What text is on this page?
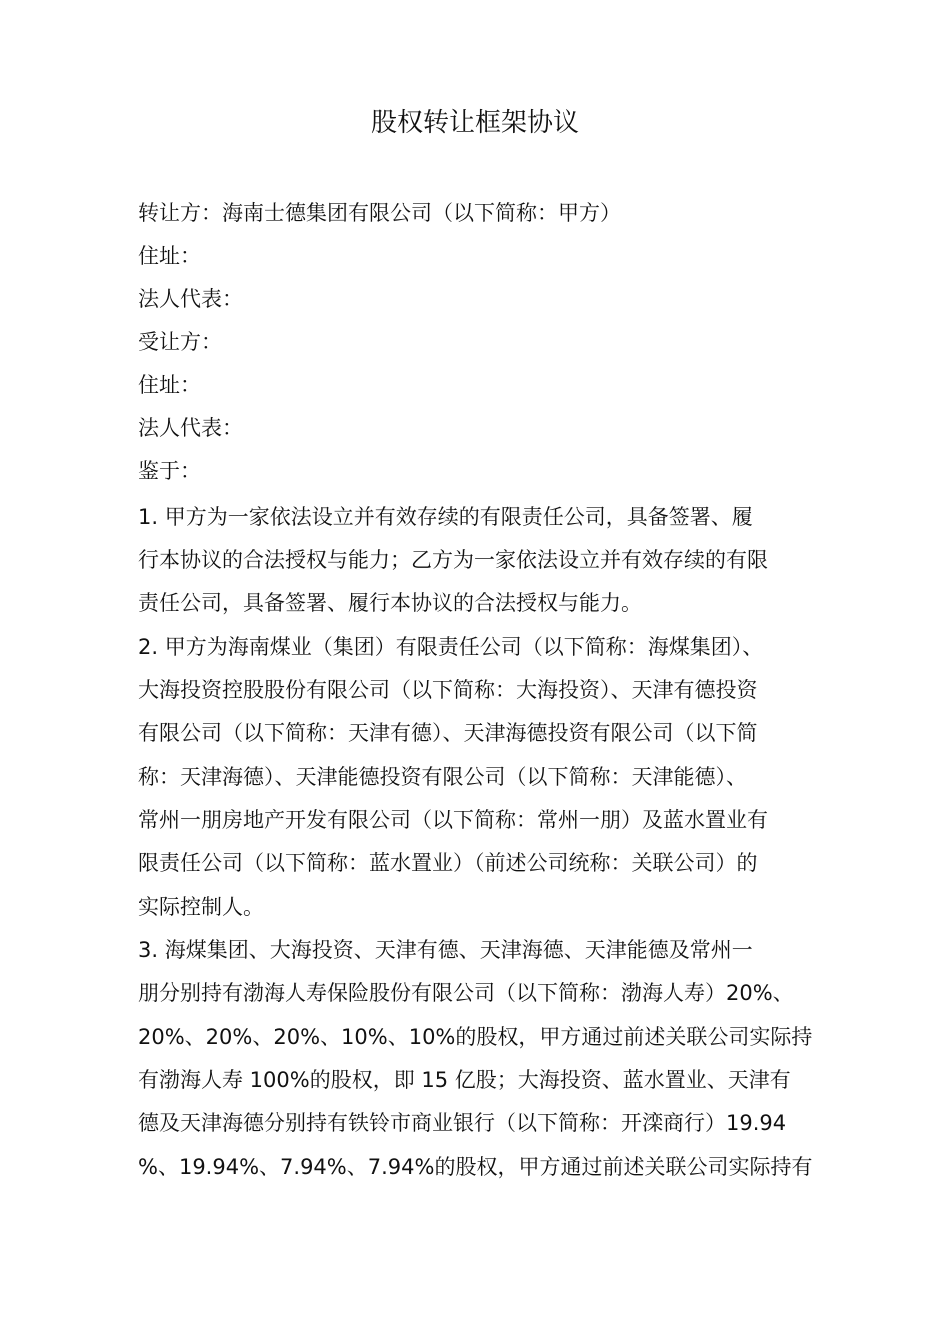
股权转让框架协议

转让方：海南士德集团有限公司（以下简称：甲方）

住址：

法人代表：

受让方：

住址：

法人代表：

鉴于：

1. 甲方为一家依法设立并有效存续的有限责任公司，具备签署、履

行本协议的合法授权与能力；乙方为一家依法设立并有效存续的有限

责任公司，具备签署、履行本协议的合法授权与能力。

2. 甲方为海南煤业（集团）有限责任公司（以下简称：海煤集团）、

大海投资控股股份有限公司（以下简称：大海投资）、天津有德投资

有限公司（以下简称：天津有德）、天津海德投资有限公司（以下简

称：天津海德）、天津能德投资有限公司（以下简称：天津能德）、

常州一朋房地产开发有限公司（以下简称：常州一朋）及蓝水置业有

限责任公司（以下简称：蓝水置业）（前述公司统称：关联公司）的

实际控制人。

3. 海煤集团、大海投资、天津有德、天津海德、天津能德及常州一

朋分别持有渤海人寿保险股份有限公司（以下简称：渤海人寿）20%、

20%、20%、20%、10%、10%的股权，甲方通过前述关联公司实际持

有渤海人寿 100%的股权，即 15 亿股；大海投资、蓝水置业、天津有

德及天津海德分别持有铁铃市商业银行（以下简称：开滦商行）19.94

%、19.94%、7.94%、7.94%的股权，甲方通过前述关联公司实际持有
